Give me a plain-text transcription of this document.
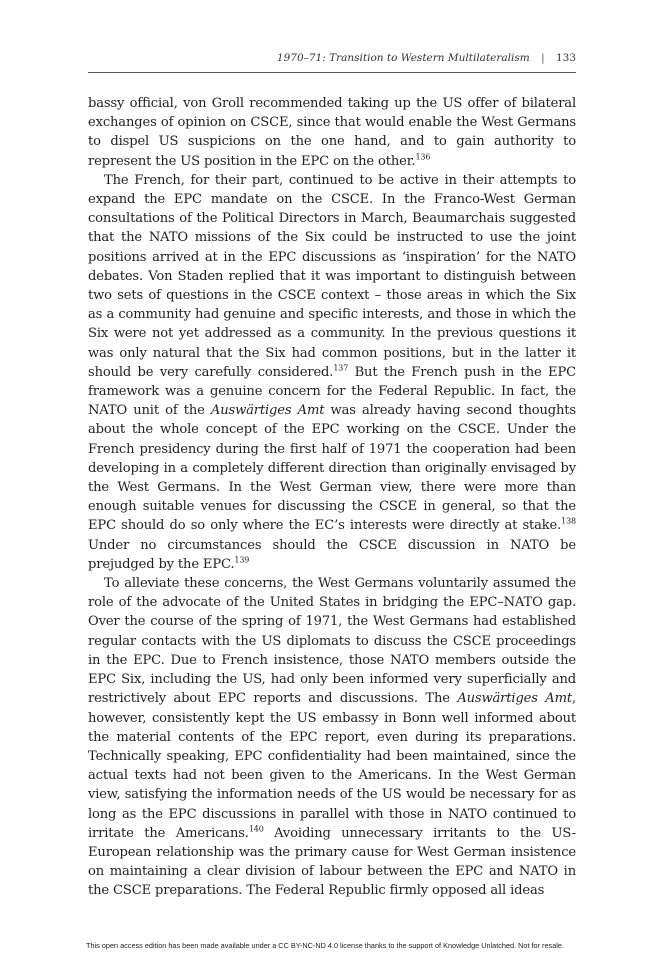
1970–71: Transition to Western Multilateralism | 133

bassy official, von Groll recommended taking up the US offer of bilateral exchanges of opinion on CSCE, since that would enable the West Germans to dispel US suspicions on the one hand, and to gain authority to represent the US position in the EPC on the other.$^{136}$

The French, for their part, continued to be active in their attempts to expand the EPC mandate on the CSCE. In the Franco-West German consultations of the Political Directors in March, Beaumarchais suggested that the NATO missions of the Six could be instructed to use the joint positions arrived at in the EPC discussions as ‘inspiration’ for the NATO debates. Von Staden replied that it was important to distinguish between two sets of questions in the CSCE context – those areas in which the Six as a community had genuine and specific interests, and those in which the Six were not yet addressed as a community. In the previous questions it was only natural that the Six had common positions, but in the latter it should be very carefully considered.$^{137}$ But the French push in the EPC framework was a genuine concern for the Federal Republic. In fact, the NATO unit of the Auswärtiges Amt was already having second thoughts about the whole concept of the EPC working on the CSCE. Under the French presidency during the first half of 1971 the cooperation had been developing in a completely different direction than originally envisaged by the West Germans. In the West German view, there were more than enough suitable venues for discussing the CSCE in general, so that the EPC should do so only where the EC’s interests were directly at stake.$^{138}$ Under no circumstances should the CSCE discussion in NATO be prejudged by the EPC.$^{139}$

To alleviate these concerns, the West Germans voluntarily assumed the role of the advocate of the United States in bridging the EPC–NATO gap. Over the course of the spring of 1971, the West Germans had established regular contacts with the US diplomats to discuss the CSCE proceedings in the EPC. Due to French insistence, those NATO members outside the EPC Six, including the US, had only been informed very superficially and restrictively about EPC reports and discussions. The Auswärtiges Amt, however, consistently kept the US embassy in Bonn well informed about the material contents of the EPC report, even during its preparations. Technically speaking, EPC confidentiality had been maintained, since the actual texts had not been given to the Americans. In the West German view, satisfying the information needs of the US would be necessary for as long as the EPC discussions in parallel with those in NATO continued to irritate the Americans.$^{140}$ Avoiding unnecessary irritants to the US-European relationship was the primary cause for West German insistence on maintaining a clear division of labour between the EPC and NATO in the CSCE preparations. The Federal Republic firmly opposed all ideas

This open access edition has been made available under a CC BY-NC-ND 4.0 license thanks to the support of Knowledge Unlatched. Not for resale.
